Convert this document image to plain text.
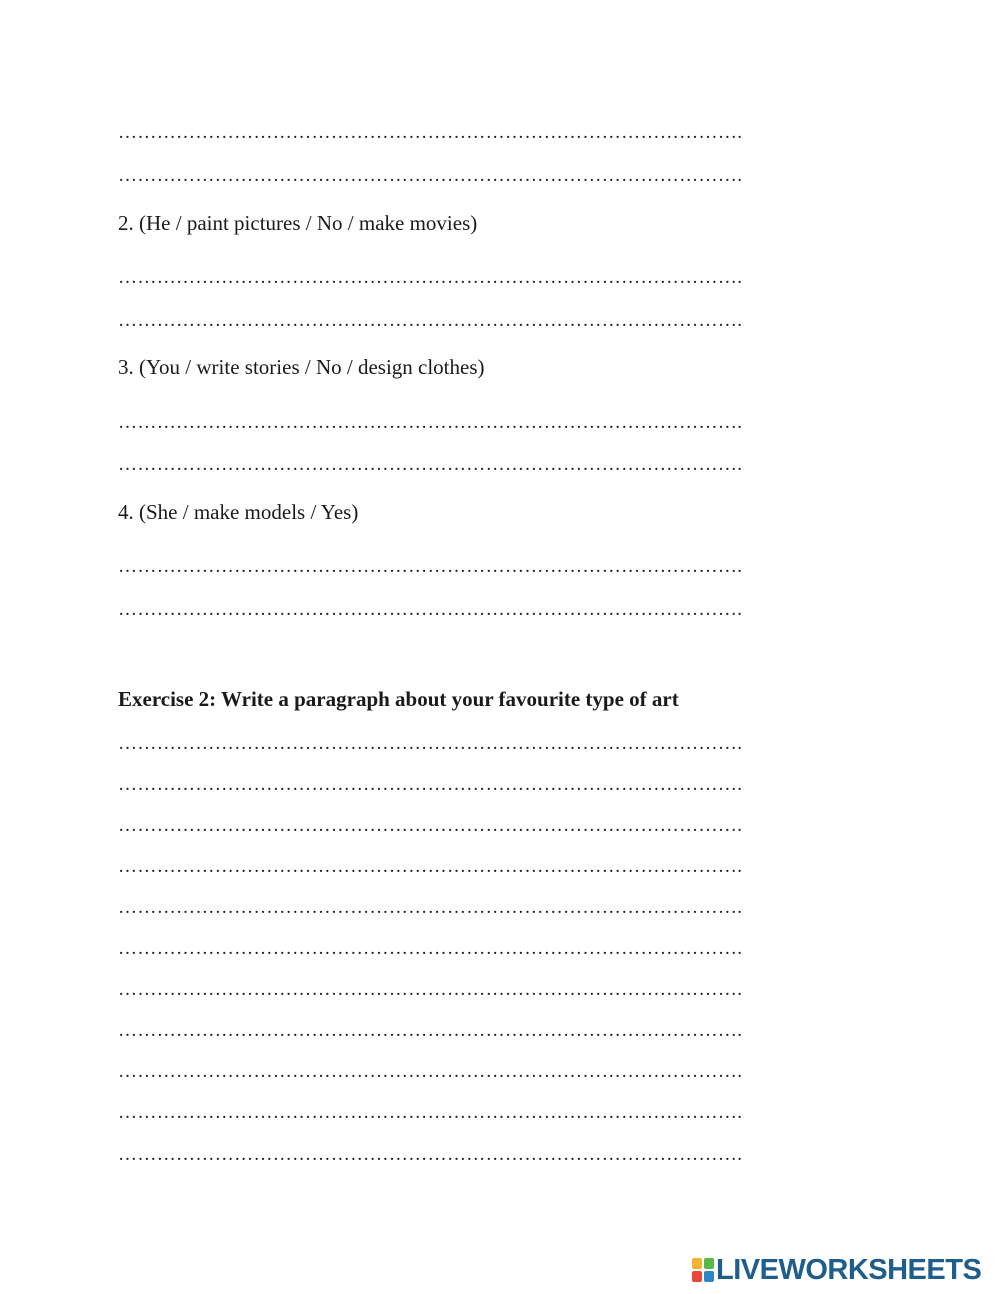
…………………………………………………………………………………….
…………………………………………………………………………………….
2. (He / paint pictures / No / make movies)
…………………………………………………………………………………….
…………………………………………………………………………………….
3. (You / write stories / No / design clothes)
…………………………………………………………………………………….
…………………………………………………………………………………….
4. (She / make models / Yes)
…………………………………………………………………………………….
…………………………………………………………………………………….
Exercise 2: Write a paragraph about your favourite type of art
…………………………………………………………………………………….
…………………………………………………………………………………….
…………………………………………………………………………………….
…………………………………………………………………………………….
…………………………………………………………………………………….
…………………………………………………………………………………….
…………………………………………………………………………………….
…………………………………………………………………………………….
…………………………………………………………………………………….
…………………………………………………………………………………….
…………………………………………………………………………………….
LIVEWORKSHEETS
